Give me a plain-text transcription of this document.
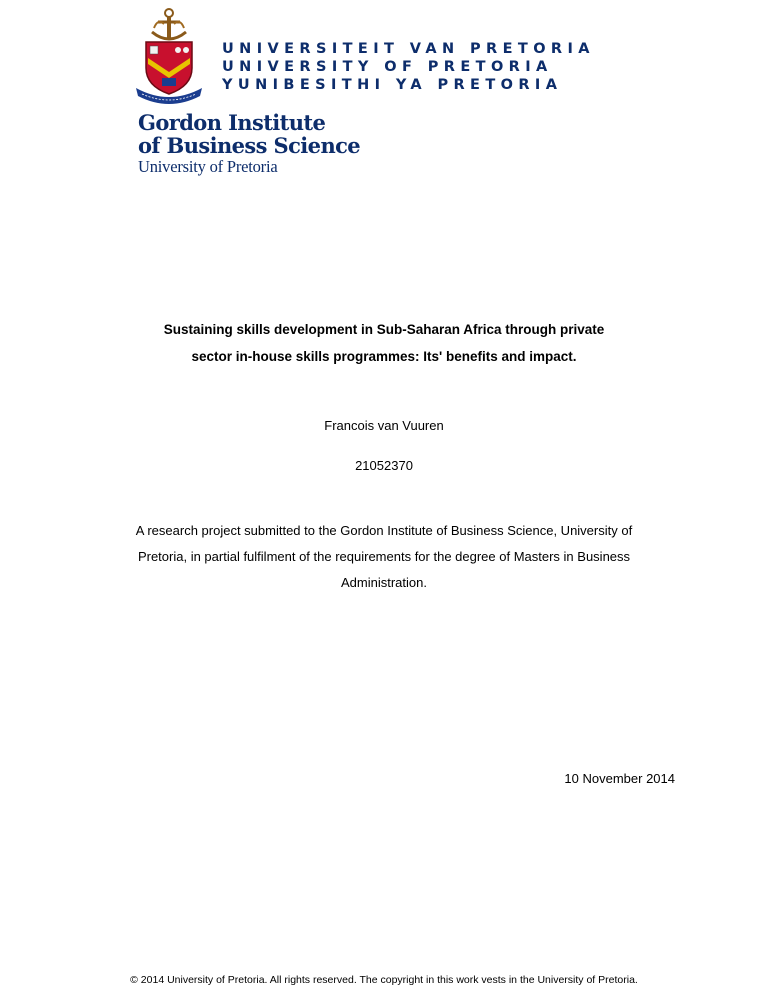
UNIVERSITEIT VAN PRETORIA
UNIVERSITY OF PRETORIA
YUNIBESITHI YA PRETORIA
Gordon Institute
of Business Science
University of Pretoria
Sustaining skills development in Sub-Saharan Africa through private
sector in-house skills programmes: Its' benefits and impact.
Francois van Vuuren
21052370
A research project submitted to the Gordon Institute of Business Science, University of
Pretoria, in partial fulfilment of the requirements for the degree of Masters in Business
Administration.
10 November 2014
© 2014 University of Pretoria. All rights reserved. The copyright in this work vests in the University of Pretoria.
